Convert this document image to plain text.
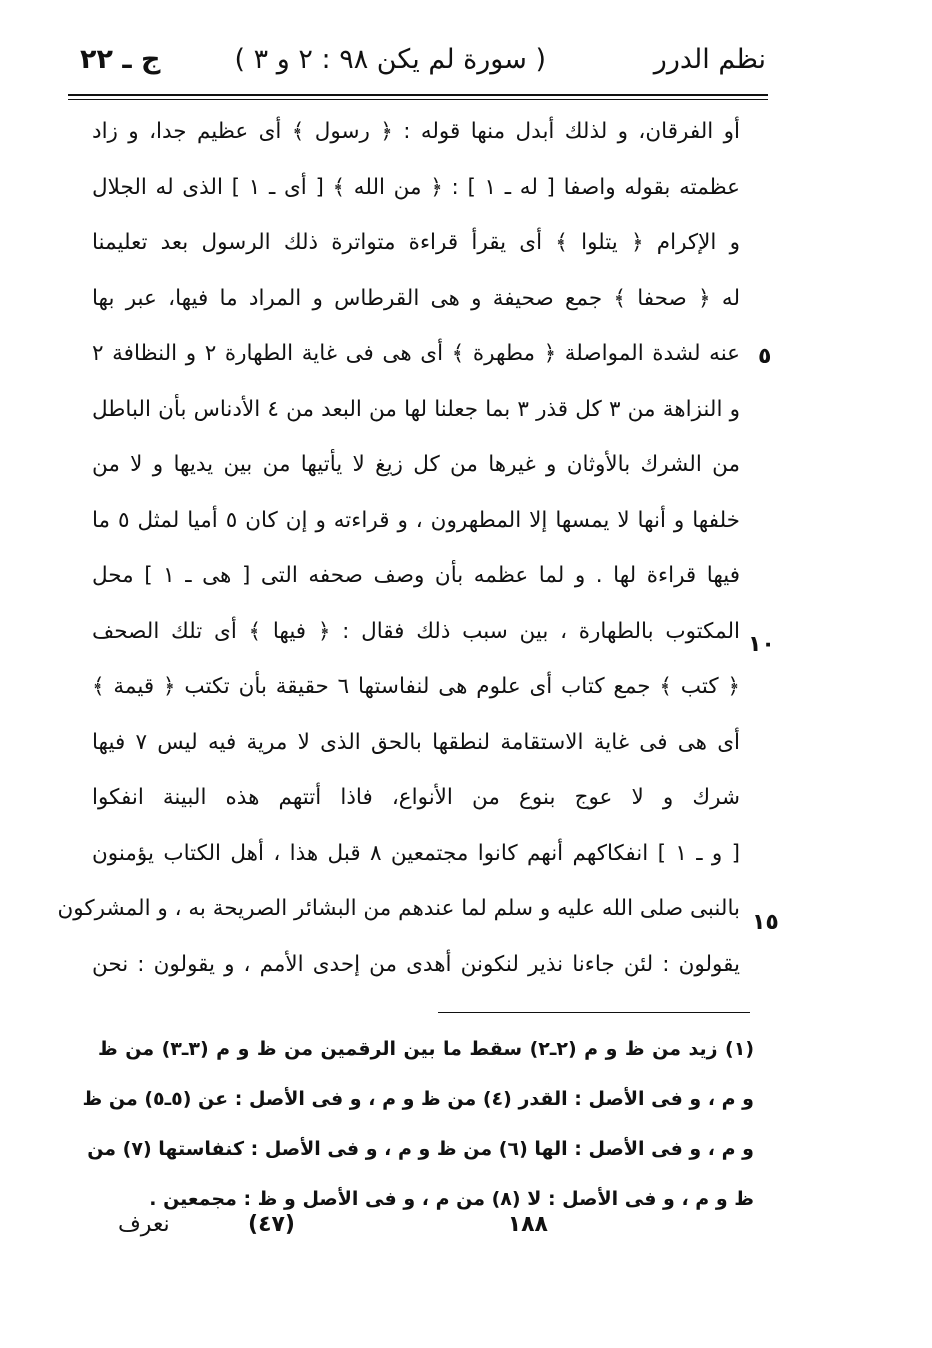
نظم الدرر
( سورة لم يكن ٩٨ : ٢ و ٣ )
ج ـ ٢٢
أو الفرقان، و لذلك أبدل منها قوله : ﴿ رسول ﴾ أى عظيم جدا، و زاد
عظمته بقوله واصفا [ له ـ ١ ] : ﴿ من الله ﴾ [ أى ـ ١ ] الذى له الجلال
و الإكرام ﴿ يتلوا ﴾ أى يقرأ قراءة متواترة ذلك الرسول بعد تعليمنا
له ﴿ صحفا ﴾ جمع صحيفة و هى القرطاس و المراد ما فيها، عبر بها
عنه لشدة المواصلة ﴿ مطهرة ﴾ أى هى فى غاية الطهارة ٢ و النظافة ٢
و النزاهة من ٣ كل قذر ٣ بما جعلنا لها من البعد من ٤ الأدناس بأن الباطل
من الشرك بالأوثان و غيرها من كل زيغ لا يأتيها من بين يديها و لا من
خلفها و أنها لا يمسها إلا المطهرون ، و قراءته و إن كان ٥ أميا لمثل ٥ ما
فيها قراءة لها . و لما عظمه بأن وصف صحفه التى [ هى ـ ١ ] محل
المكتوب بالطهارة ، بين سبب ذلك فقال : ﴿ فيها ﴾ أى تلك الصحف
﴿ كتب ﴾ جمع كتاب أى علوم هى لنفاستها ٦ حقيقة بأن تكتب ﴿ قيمة ﴾
أى هى فى غاية الاستقامة لنطقها بالحق الذى لا مرية فيه ليس ٧ فيها
شرك و لا عوج بنوع من الأنواع، فاذا أتتهم هذه البينة انفكوا
[ و ـ ١ ] انفكاكهم أنهم كانوا مجتمعين ٨ قبل هذا ، أهل الكتاب يؤمنون
بالنبى صلى الله عليه و سلم لما عندهم من البشائر الصريحة به ، و المشركون
يقولون : لئن جاءنا نذير لنكونن أهدى من إحدى الأمم ، و يقولون : نحن
٥
١٠
١٥
(١) زيد من ظ و م (٢ـ٢) سقط ما بين الرقمين من ظ و م (٣ـ٣) من ظ
و م ، و فى الأصل : القدر (٤) من ظ و م ، و فى الأصل : عن (٥ـ٥) من ظ
و م ، و فى الأصل : الها (٦) من ظ و م ، و فى الأصل : كنفاستها (٧) من
ظ و م ، و فى الأصل : لا (٨) من م ، و فى الأصل و ظ : مجمعين .
١٨٨
(٤٧)
نعرف
